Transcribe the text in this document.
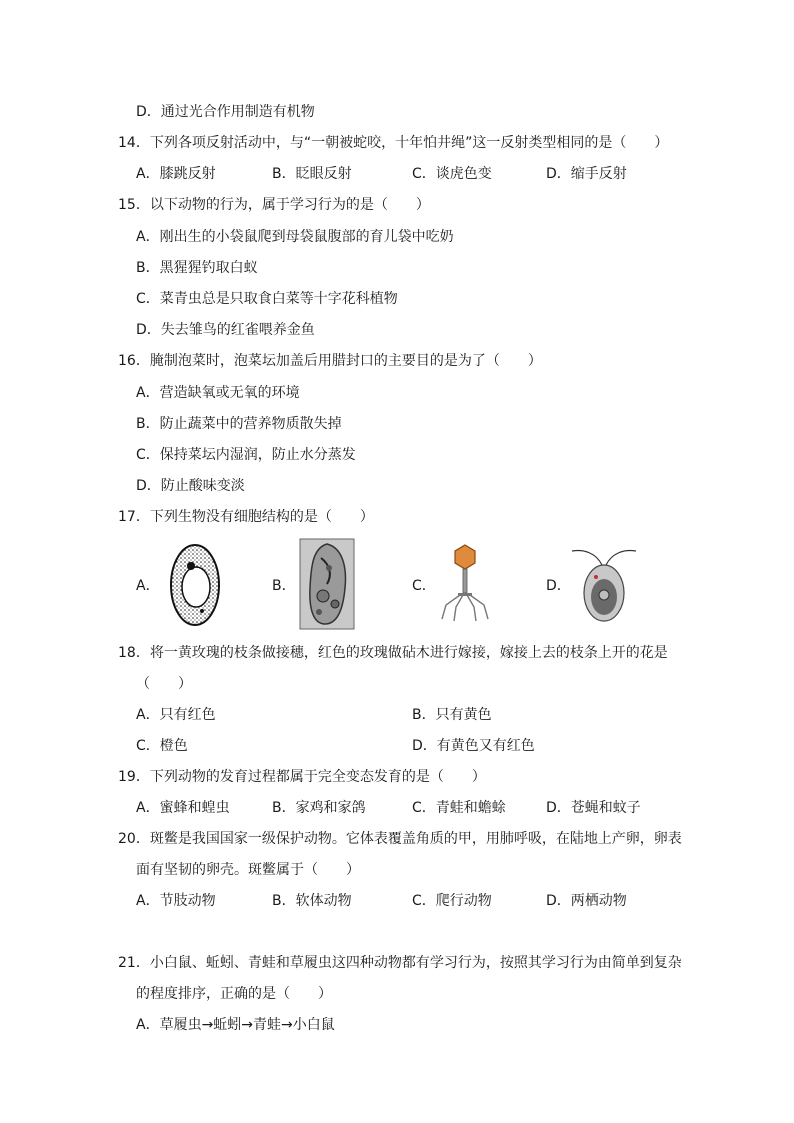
D．通过光合作用制造有机物
14．下列各项反射活动中，与“一朝被蛇咬，十年怕井绳”这一反射类型相同的是（　　）
A．膝跳反射	B．眨眼反射	C．谈虎色变	D．缩手反射
15．以下动物的行为，属于学习行为的是（　　）
A．刚出生的小袋鼠爬到母袋鼠腹部的育儿袋中吃奶
B．黑猩猩钓取白蚁
C．菜青虫总是只取食白菜等十字花科植物
D．失去雏鸟的红雀喂养金鱼
16．腌制泡菜时，泡菜坛加盖后用腊封口的主要目的是为了（　　）
A．营造缺氧或无氧的环境
B．防止蔬菜中的营养物质散失掉
C．保持菜坛内湿润，防止水分蒸发
D．防止酸味变淡
17．下列生物没有细胞结构的是（　　）
A．	B．	C．	D．
18．将一黄玫瑰的枝条做接穗，红色的玫瑰做砧木进行嫁接，嫁接上去的枝条上开的花是
（　　）
A．只有红色	B．只有黄色
C．橙色	D．有黄色又有红色
19．下列动物的发育过程都属于完全变态发育的是（　　）
A．蜜蜂和蝗虫	B．家鸡和家鸽	C．青蛙和蟾蜍	D．苍蝇和蚊子
20．斑鳖是我国国家一级保护动物。它体表覆盖角质的甲，用肺呼吸，在陆地上产卵，卵表
面有坚韧的卵壳。斑鳖属于（　　）
A．节肢动物	B．软体动物	C．爬行动物	D．两栖动物
21．小白鼠、蚯蚓、青蛙和草履虫这四种动物都有学习行为，按照其学习行为由简单到复杂
的程度排序，正确的是（　　）
A．草履虫→蚯蚓→青蛙→小白鼠
